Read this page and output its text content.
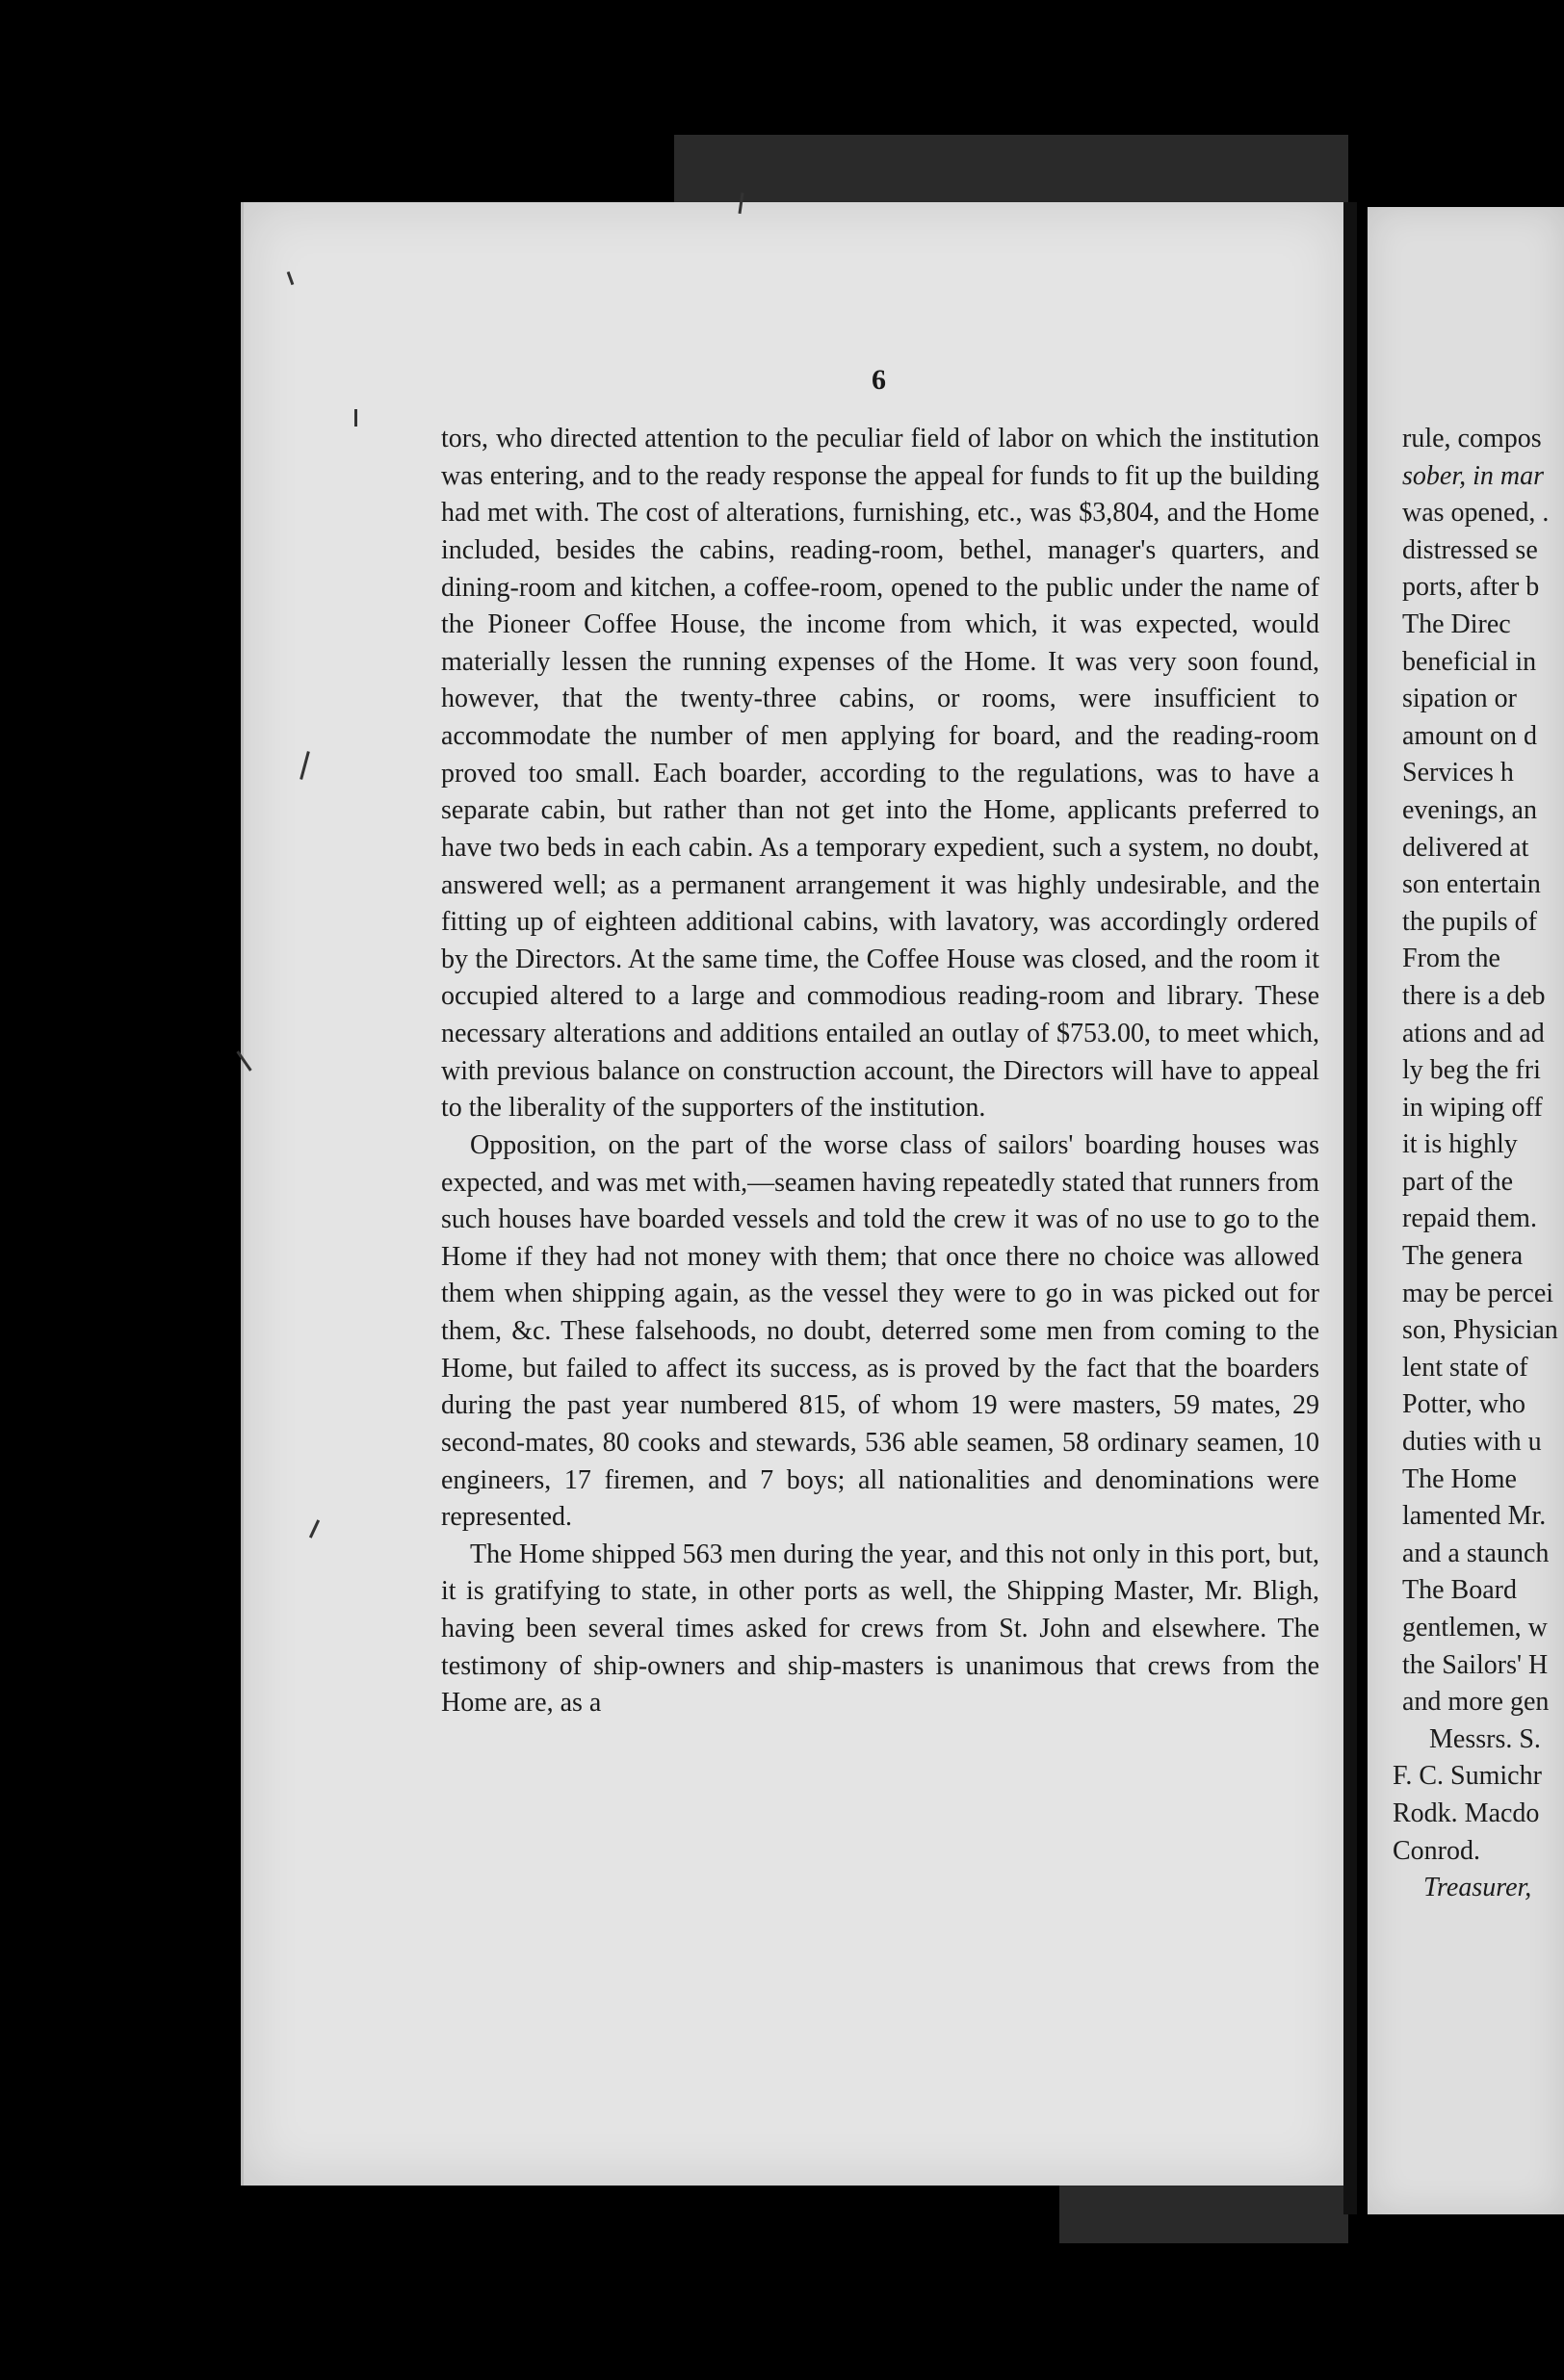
6

tors, who directed attention to the peculiar field of labor on which the institution was entering, and to the ready response the appeal for funds to fit up the building had met with. The cost of alterations, furnishing, etc., was $3,804, and the Home included, besides the cabins, reading-room, bethel, manager's quarters, and dining-room and kitchen, a coffee-room, opened to the public under the name of the Pioneer Coffee House, the income from which, it was expected, would materially lessen the running expenses of the Home. It was very soon found, however, that the twenty-three cabins, or rooms, were insufficient to accommodate the number of men applying for board, and the reading-room proved too small. Each boarder, according to the regulations, was to have a separate cabin, but rather than not get into the Home, applicants preferred to have two beds in each cabin. As a temporary expedient, such a system, no doubt, answered well; as a permanent arrangement it was highly undesirable, and the fitting up of eighteen additional cabins, with lavatory, was accordingly ordered by the Directors. At the same time, the Coffee House was closed, and the room it occupied altered to a large and commodious reading-room and library. These necessary alterations and additions entailed an outlay of $753.00, to meet which, with previous balance on construction account, the Directors will have to appeal to the liberality of the supporters of the institution.

Opposition, on the part of the worse class of sailors' boarding houses was expected, and was met with,—seamen having repeatedly stated that runners from such houses have boarded vessels and told the crew it was of no use to go to the Home if they had not money with them; that once there no choice was allowed them when shipping again, as the vessel they were to go in was picked out for them, &c. These falsehoods, no doubt, deterred some men from coming to the Home, but failed to affect its success, as is proved by the fact that the boarders during the past year numbered 815, of whom 19 were masters, 59 mates, 29 second-mates, 80 cooks and stewards, 536 able seamen, 58 ordinary seamen, 10 engineers, 17 firemen, and 7 boys; all nationalities and denominations were represented.

The Home shipped 563 men during the year, and this not only in this port, but, it is gratifying to state, in other ports as well, the Shipping Master, Mr. Bligh, having been several times asked for crews from St. John and elsewhere. The testimony of ship-owners and ship-masters is unanimous that crews from the Home are, as a

rule, compos
sober, in mar
was opened, .
distressed se
ports, after b
The Direc
beneficial in
sipation or
amount on d
Services h
evenings, an
delivered at
son entertain
the pupils of
From the
there is a deb
ations and ad
ly beg the fri
in wiping off
it is highly
part of the
repaid them.
The genera
may be percei
son, Physician
lent state of
Potter, who
duties with u
The Home
lamented Mr.
and a staunch
The Board
gentlemen, w
the Sailors' H
and more gen
Messrs. S.
F. C. Sumichr
Rodk. Macdo
Conrod.
Treasurer,
